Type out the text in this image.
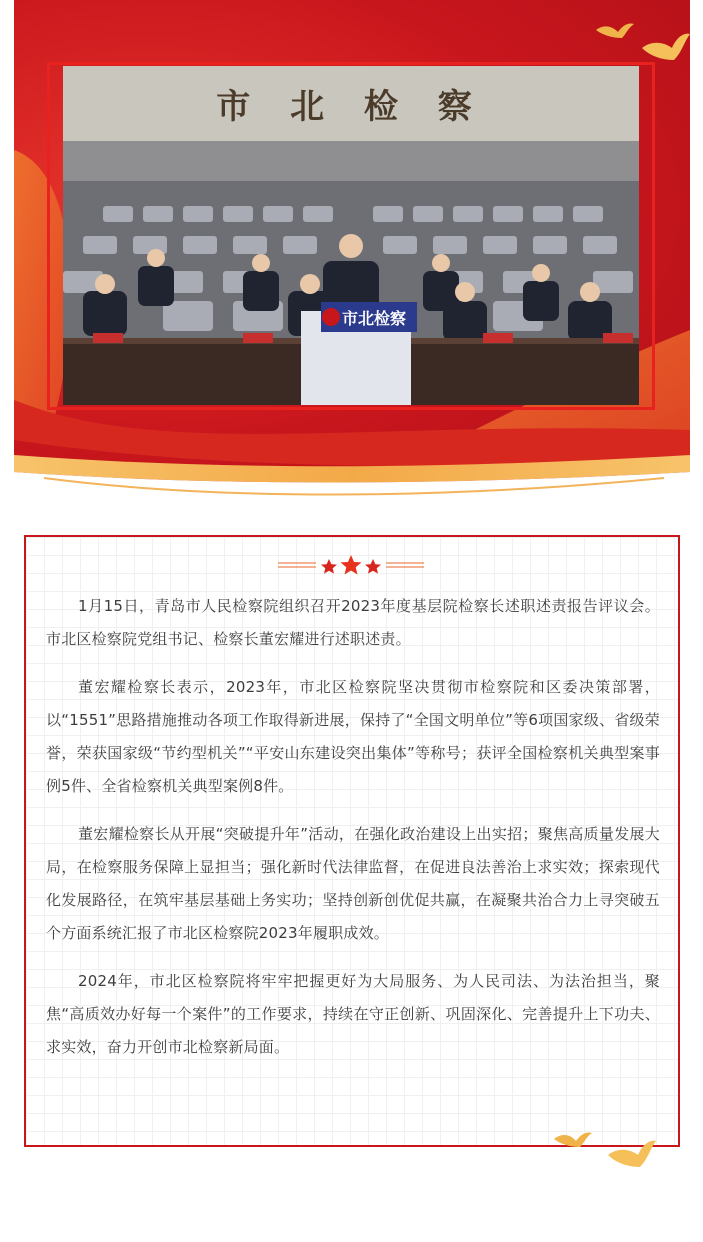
市 北 检 察
市北检察

1月15日，青岛市人民检察院组织召开2023年度基层院检察长述职述责报告评议会。市北区检察院党组书记、检察长董宏耀进行述职述责。

董宏耀检察长表示，2023年，市北区检察院坚决贯彻市检察院和区委决策部署，以“1551”思路措施推动各项工作取得新进展，保持了“全国文明单位”等6项国家级、省级荣誉，荣获国家级“节约型机关”“平安山东建设突出集体”等称号；获评全国检察机关典型案事例5件、全省检察机关典型案例8件。

董宏耀检察长从开展“突破提升年”活动，在强化政治建设上出实招；聚焦高质量发展大局，在检察服务保障上显担当；强化新时代法律监督，在促进良法善治上求实效；探索现代化发展路径，在筑牢基层基础上务实功；坚持创新创优促共赢，在凝聚共治合力上寻突破五个方面系统汇报了市北区检察院2023年履职成效。

2024年，市北区检察院将牢牢把握更好为大局服务、为人民司法、为法治担当，聚焦“高质效办好每一个案件”的工作要求，持续在守正创新、巩固深化、完善提升上下功夫、求实效，奋力开创市北检察新局面。
